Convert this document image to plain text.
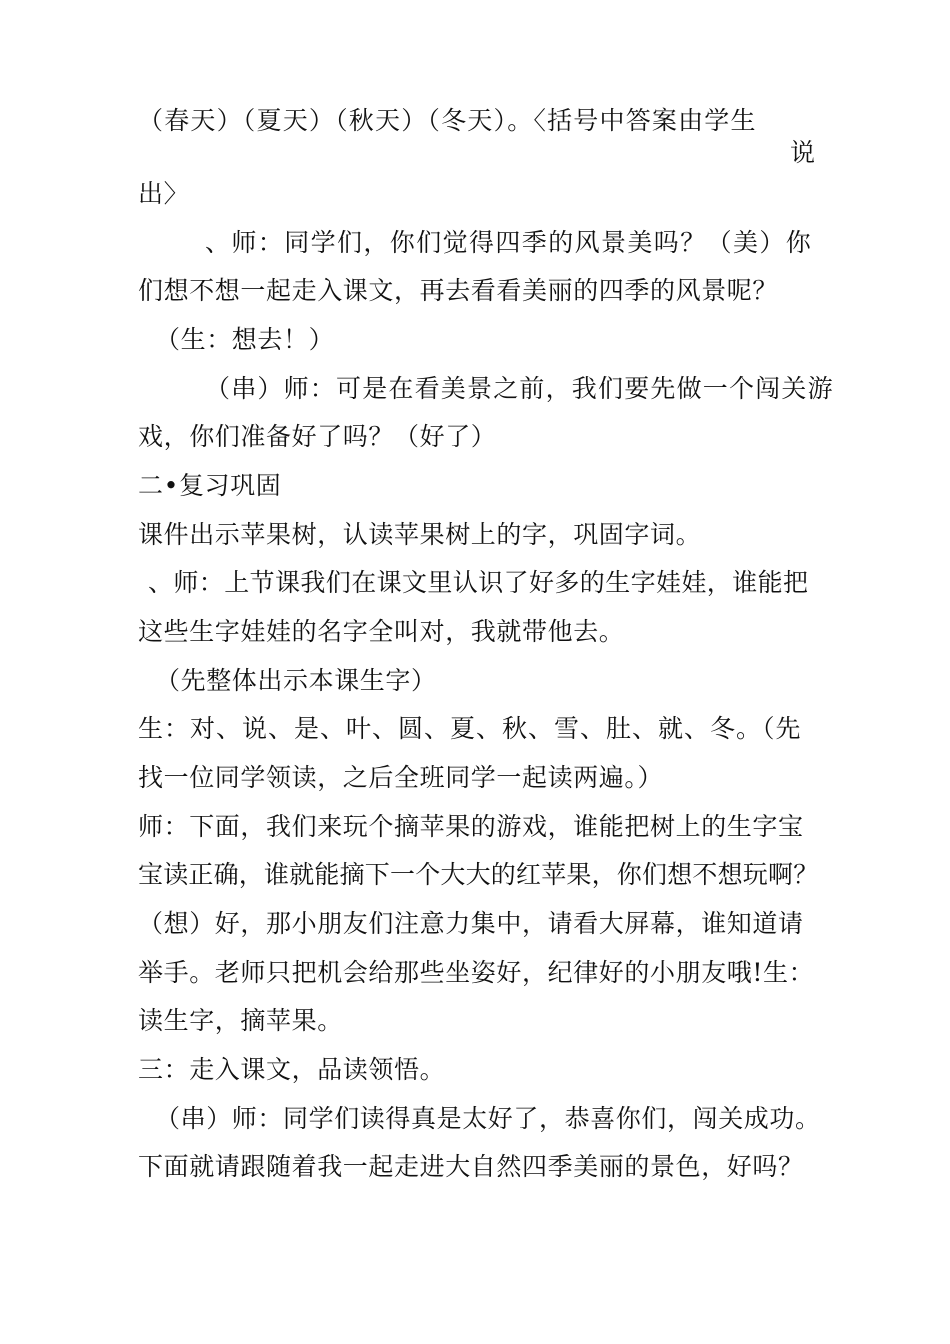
（春天）（夏天）（秋天）（冬天）。〈括号中答案由学生
说
出〉
、师：同学们，你们觉得四季的风景美吗？（美）你
们想不想一起走入课文，再去看看美丽的四季的风景呢？
（生：想去！）
（串）师：可是在看美景之前，我们要先做一个闯关游
戏，你们准备好了吗？（好了）
二•复习巩固
课件出示苹果树，认读苹果树上的字，巩固字词。
、师：上节课我们在课文里认识了好多的生字娃娃，谁能把
这些生字娃娃的名字全叫对，我就带他去。
（先整体出示本课生字）
生：对、说、是、叶、圆、夏、秋、雪、肚、就、冬。（先
找一位同学领读，之后全班同学一起读两遍。）
师：下面，我们来玩个摘苹果的游戏，谁能把树上的生字宝
宝读正确，谁就能摘下一个大大的红苹果，你们想不想玩啊？
（想）好，那小朋友们注意力集中，请看大屏幕，谁知道请
举手。老师只把机会给那些坐姿好，纪律好的小朋友哦!生：
读生字，摘苹果。
三：走入课文，品读领悟。
（串）师：同学们读得真是太好了，恭喜你们，闯关成功。
下面就请跟随着我一起走进大自然四季美丽的景色，好吗？
